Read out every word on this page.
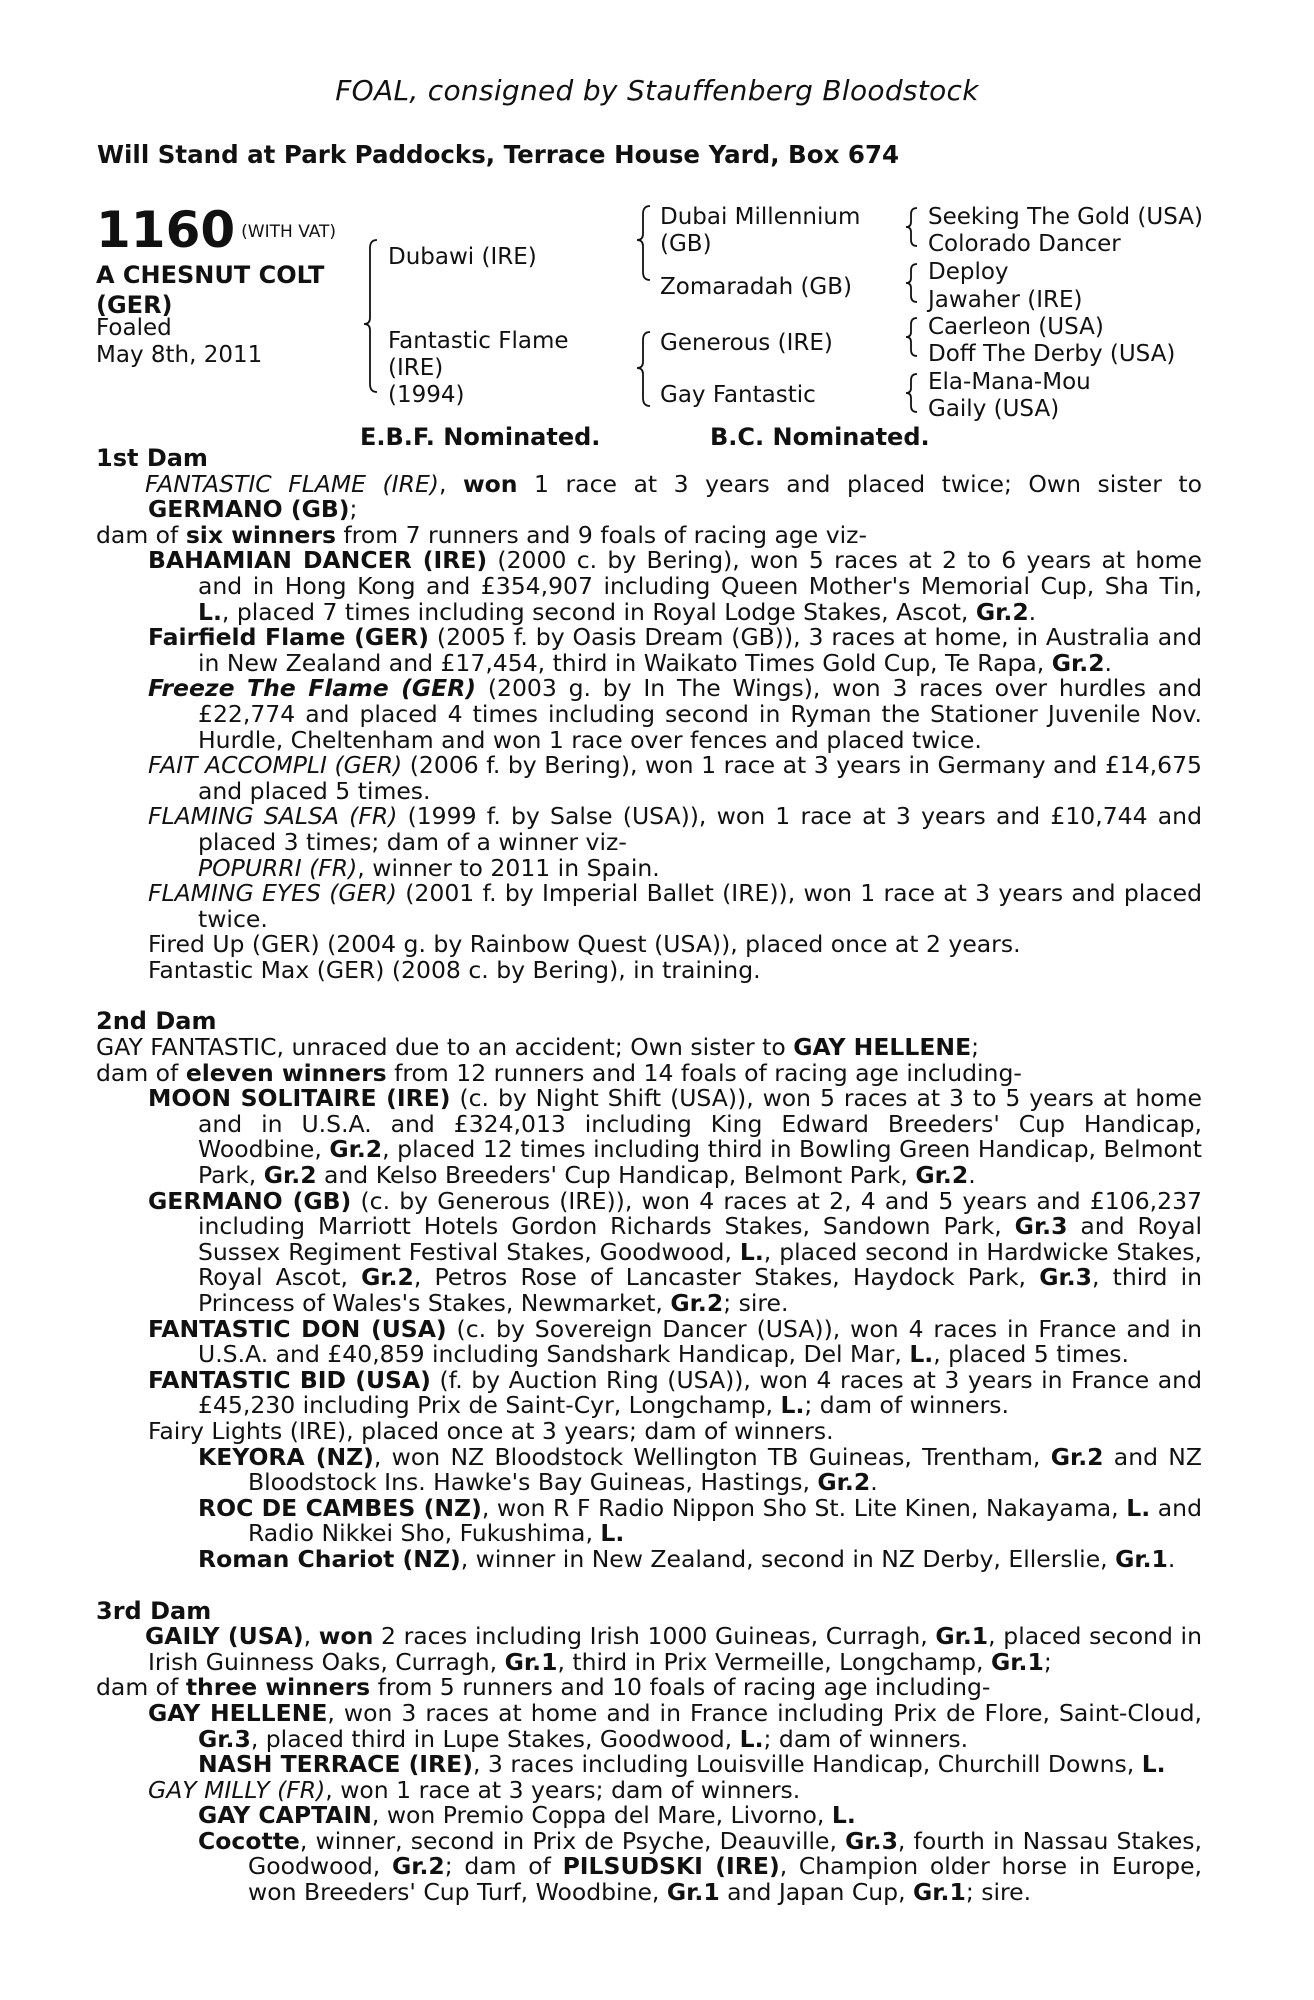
FOAL, consigned by Stauffenberg Bloodstock
Will Stand at Park Paddocks, Terrace House Yard, Box 674
1160 $^{(WITH VAT)}$
A CHESNUT COLT
(GER)
Foaled
May 8th, 2011
Dubawi (IRE)
Fantastic Flame
(IRE)
(1994)
Dubai Millennium
(GB)
Zomaradah (GB)
Generous (IRE)
Gay Fantastic
Seeking The Gold (USA)
Colorado Dancer
Deploy
Jawaher (IRE)
Caerleon (USA)
Doff The Derby (USA)
Ela-Mana-Mou
Gaily (USA)
E.B.F. Nominated.	B.C. Nominated.

1st Dam

FANTASTIC FLAME (IRE), won 1 race at 3 years and placed twice; Own sister to GERMANO (GB);

dam of six winners from 7 runners and 9 foals of racing age viz-

BAHAMIAN DANCER (IRE) (2000 c. by Bering), won 5 races at 2 to 6 years at home and in Hong Kong and £354,907 including Queen Mother's Memorial Cup, Sha Tin, L., placed 7 times including second in Royal Lodge Stakes, Ascot, Gr.2.

Fairfield Flame (GER) (2005 f. by Oasis Dream (GB)), 3 races at home, in Australia and in New Zealand and £17,454, third in Waikato Times Gold Cup, Te Rapa, Gr.2.

Freeze The Flame (GER) (2003 g. by In The Wings), won 3 races over hurdles and £22,774 and placed 4 times including second in Ryman the Stationer Juvenile Nov. Hurdle, Cheltenham and won 1 race over fences and placed twice.

FAIT ACCOMPLI (GER) (2006 f. by Bering), won 1 race at 3 years in Germany and £14,675 and placed 5 times.

FLAMING SALSA (FR) (1999 f. by Salse (USA)), won 1 race at 3 years and £10,744 and placed 3 times; dam of a winner viz-

POPURRI (FR), winner to 2011 in Spain.

FLAMING EYES (GER) (2001 f. by Imperial Ballet (IRE)), won 1 race at 3 years and placed twice.

Fired Up (GER) (2004 g. by Rainbow Quest (USA)), placed once at 2 years.

Fantastic Max (GER) (2008 c. by Bering), in training.

2nd Dam

GAY FANTASTIC, unraced due to an accident; Own sister to GAY HELLENE;

dam of eleven winners from 12 runners and 14 foals of racing age including-

MOON SOLITAIRE (IRE) (c. by Night Shift (USA)), won 5 races at 3 to 5 years at home and in U.S.A. and £324,013 including King Edward Breeders' Cup Handicap, Woodbine, Gr.2, placed 12 times including third in Bowling Green Handicap, Belmont Park, Gr.2 and Kelso Breeders' Cup Handicap, Belmont Park, Gr.2.

GERMANO (GB) (c. by Generous (IRE)), won 4 races at 2, 4 and 5 years and £106,237 including Marriott Hotels Gordon Richards Stakes, Sandown Park, Gr.3 and Royal Sussex Regiment Festival Stakes, Goodwood, L., placed second in Hardwicke Stakes, Royal Ascot, Gr.2, Petros Rose of Lancaster Stakes, Haydock Park, Gr.3, third in Princess of Wales's Stakes, Newmarket, Gr.2; sire.

FANTASTIC DON (USA) (c. by Sovereign Dancer (USA)), won 4 races in France and in U.S.A. and £40,859 including Sandshark Handicap, Del Mar, L., placed 5 times.

FANTASTIC BID (USA) (f. by Auction Ring (USA)), won 4 races at 3 years in France and £45,230 including Prix de Saint-Cyr, Longchamp, L.; dam of winners.

Fairy Lights (IRE), placed once at 3 years; dam of winners.

KEYORA (NZ), won NZ Bloodstock Wellington TB Guineas, Trentham, Gr.2 and NZ Bloodstock Ins. Hawke's Bay Guineas, Hastings, Gr.2.

ROC DE CAMBES (NZ), won R F Radio Nippon Sho St. Lite Kinen, Nakayama, L. and Radio Nikkei Sho, Fukushima, L.

Roman Chariot (NZ), winner in New Zealand, second in NZ Derby, Ellerslie, Gr.1.

3rd Dam

GAILY (USA), won 2 races including Irish 1000 Guineas, Curragh, Gr.1, placed second in Irish Guinness Oaks, Curragh, Gr.1, third in Prix Vermeille, Longchamp, Gr.1;

dam of three winners from 5 runners and 10 foals of racing age including-

GAY HELLENE, won 3 races at home and in France including Prix de Flore, Saint-Cloud, Gr.3, placed third in Lupe Stakes, Goodwood, L.; dam of winners.

NASH TERRACE (IRE), 3 races including Louisville Handicap, Churchill Downs, L.

GAY MILLY (FR), won 1 race at 3 years; dam of winners.

GAY CAPTAIN, won Premio Coppa del Mare, Livorno, L.

Cocotte, winner, second in Prix de Psyche, Deauville, Gr.3, fourth in Nassau Stakes, Goodwood, Gr.2; dam of PILSUDSKI (IRE), Champion older horse in Europe, won Breeders' Cup Turf, Woodbine, Gr.1 and Japan Cup, Gr.1; sire.
